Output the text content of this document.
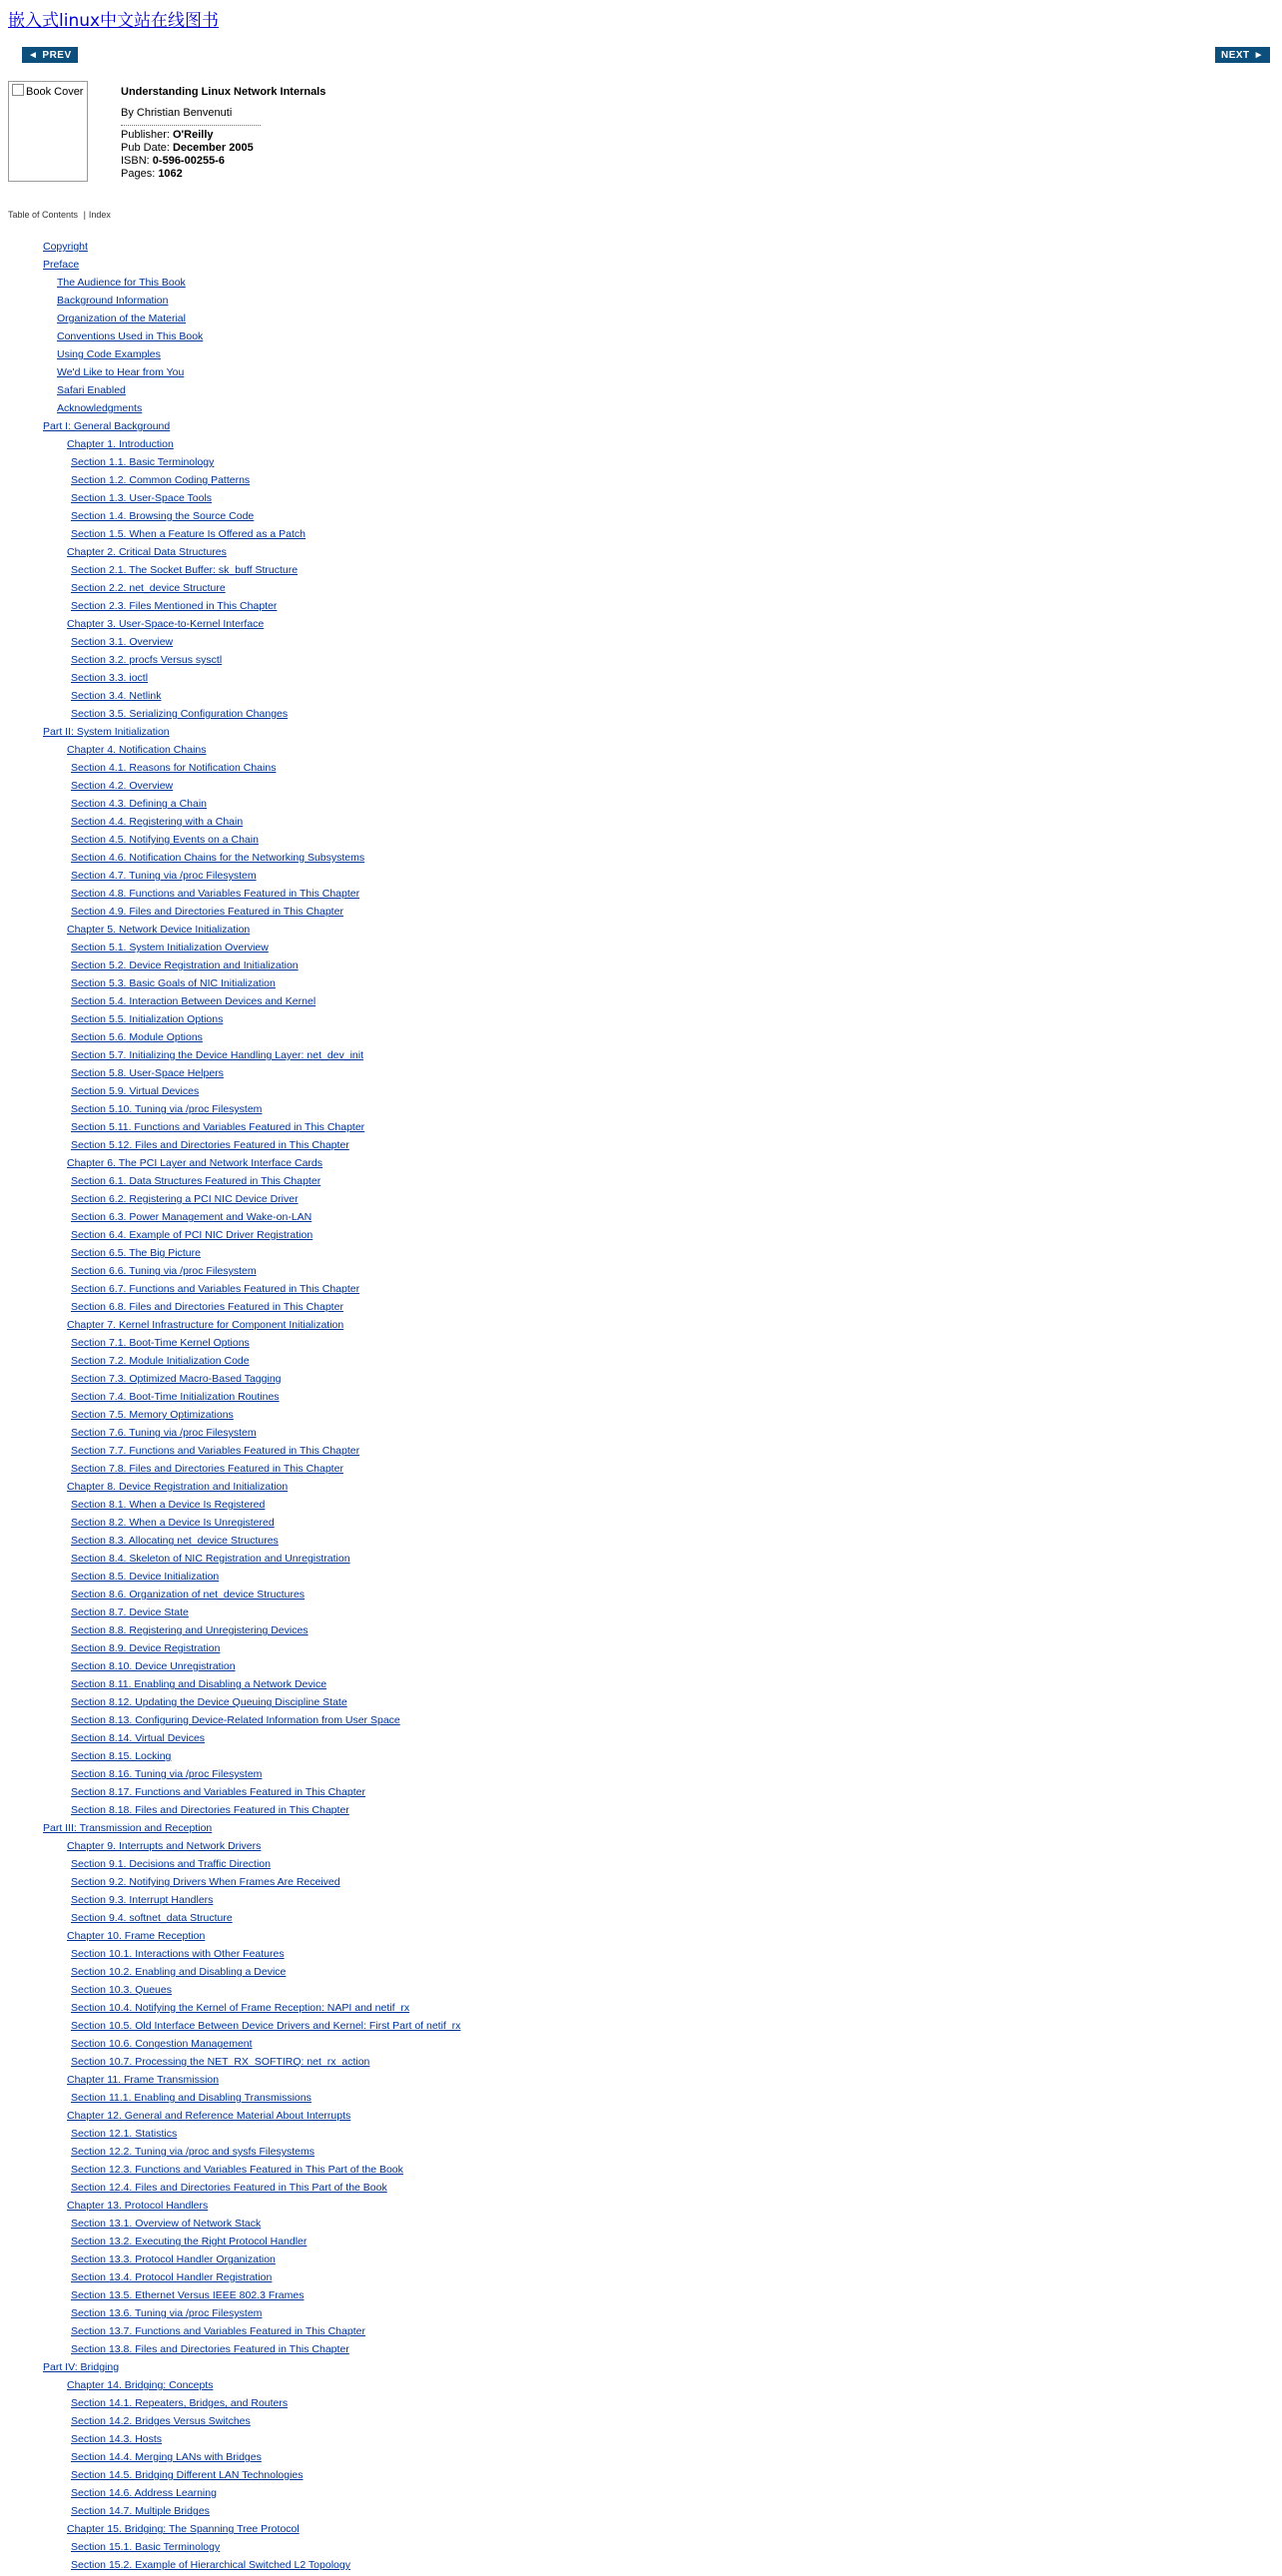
嵌入式linux中文站在线图书
◄ PREV	NEXT ►
Book Cover	Understanding Linux Network Internals
By Christian Benvenuti
Publisher: O'Reilly
Pub Date: December 2005
ISBN: 0-596-00255-6
Pages: 1062
Table of Contents | Index
Copyright
Preface
The Audience for This Book
Background Information
Organization of the Material
Conventions Used in This Book
Using Code Examples
We'd Like to Hear from You
Safari Enabled
Acknowledgments
Part I: General Background
Chapter 1. Introduction
Section 1.1. Basic Terminology
Section 1.2. Common Coding Patterns
Section 1.3. User-Space Tools
Section 1.4. Browsing the Source Code
Section 1.5. When a Feature Is Offered as a Patch
Chapter 2. Critical Data Structures
Section 2.1. The Socket Buffer: sk_buff Structure
Section 2.2. net_device Structure
Section 2.3. Files Mentioned in This Chapter
Chapter 3. User-Space-to-Kernel Interface
Section 3.1. Overview
Section 3.2. procfs Versus sysctl
Section 3.3. ioctl
Section 3.4. Netlink
Section 3.5. Serializing Configuration Changes
Part II: System Initialization
Chapter 4. Notification Chains
Section 4.1. Reasons for Notification Chains
Section 4.2. Overview
Section 4.3. Defining a Chain
Section 4.4. Registering with a Chain
Section 4.5. Notifying Events on a Chain
Section 4.6. Notification Chains for the Networking Subsystems
Section 4.7. Tuning via /proc Filesystem
Section 4.8. Functions and Variables Featured in This Chapter
Section 4.9. Files and Directories Featured in This Chapter
Chapter 5. Network Device Initialization
Section 5.1. System Initialization Overview
Section 5.2. Device Registration and Initialization
Section 5.3. Basic Goals of NIC Initialization
Section 5.4. Interaction Between Devices and Kernel
Section 5.5. Initialization Options
Section 5.6. Module Options
Section 5.7. Initializing the Device Handling Layer: net_dev_init
Section 5.8. User-Space Helpers
Section 5.9. Virtual Devices
Section 5.10. Tuning via /proc Filesystem
Section 5.11. Functions and Variables Featured in This Chapter
Section 5.12. Files and Directories Featured in This Chapter
Chapter 6. The PCI Layer and Network Interface Cards
Section 6.1. Data Structures Featured in This Chapter
Section 6.2. Registering a PCI NIC Device Driver
Section 6.3. Power Management and Wake-on-LAN
Section 6.4. Example of PCI NIC Driver Registration
Section 6.5. The Big Picture
Section 6.6. Tuning via /proc Filesystem
Section 6.7. Functions and Variables Featured in This Chapter
Section 6.8. Files and Directories Featured in This Chapter
Chapter 7. Kernel Infrastructure for Component Initialization
Section 7.1. Boot-Time Kernel Options
Section 7.2. Module Initialization Code
Section 7.3. Optimized Macro-Based Tagging
Section 7.4. Boot-Time Initialization Routines
Section 7.5. Memory Optimizations
Section 7.6. Tuning via /proc Filesystem
Section 7.7. Functions and Variables Featured in This Chapter
Section 7.8. Files and Directories Featured in This Chapter
Chapter 8. Device Registration and Initialization
Section 8.1. When a Device Is Registered
Section 8.2. When a Device Is Unregistered
Section 8.3. Allocating net_device Structures
Section 8.4. Skeleton of NIC Registration and Unregistration
Section 8.5. Device Initialization
Section 8.6. Organization of net_device Structures
Section 8.7. Device State
Section 8.8. Registering and Unregistering Devices
Section 8.9. Device Registration
Section 8.10. Device Unregistration
Section 8.11. Enabling and Disabling a Network Device
Section 8.12. Updating the Device Queuing Discipline State
Section 8.13. Configuring Device-Related Information from User Space
Section 8.14. Virtual Devices
Section 8.15. Locking
Section 8.16. Tuning via /proc Filesystem
Section 8.17. Functions and Variables Featured in This Chapter
Section 8.18. Files and Directories Featured in This Chapter
Part III: Transmission and Reception
Chapter 9. Interrupts and Network Drivers
Section 9.1. Decisions and Traffic Direction
Section 9.2. Notifying Drivers When Frames Are Received
Section 9.3. Interrupt Handlers
Section 9.4. softnet_data Structure
Chapter 10. Frame Reception
Section 10.1. Interactions with Other Features
Section 10.2. Enabling and Disabling a Device
Section 10.3. Queues
Section 10.4. Notifying the Kernel of Frame Reception: NAPI and netif_rx
Section 10.5. Old Interface Between Device Drivers and Kernel: First Part of netif_rx
Section 10.6. Congestion Management
Section 10.7. Processing the NET_RX_SOFTIRQ: net_rx_action
Chapter 11. Frame Transmission
Section 11.1. Enabling and Disabling Transmissions
Chapter 12. General and Reference Material About Interrupts
Section 12.1. Statistics
Section 12.2. Tuning via /proc and sysfs Filesystems
Section 12.3. Functions and Variables Featured in This Part of the Book
Section 12.4. Files and Directories Featured in This Part of the Book
Chapter 13. Protocol Handlers
Section 13.1. Overview of Network Stack
Section 13.2. Executing the Right Protocol Handler
Section 13.3. Protocol Handler Organization
Section 13.4. Protocol Handler Registration
Section 13.5. Ethernet Versus IEEE 802.3 Frames
Section 13.6. Tuning via /proc Filesystem
Section 13.7. Functions and Variables Featured in This Chapter
Section 13.8. Files and Directories Featured in This Chapter
Part IV: Bridging
Chapter 14. Bridging: Concepts
Section 14.1. Repeaters, Bridges, and Routers
Section 14.2. Bridges Versus Switches
Section 14.3. Hosts
Section 14.4. Merging LANs with Bridges
Section 14.5. Bridging Different LAN Technologies
Section 14.6. Address Learning
Section 14.7. Multiple Bridges
Chapter 15. Bridging: The Spanning Tree Protocol
Section 15.1. Basic Terminology
Section 15.2. Example of Hierarchical Switched L2 Topology
